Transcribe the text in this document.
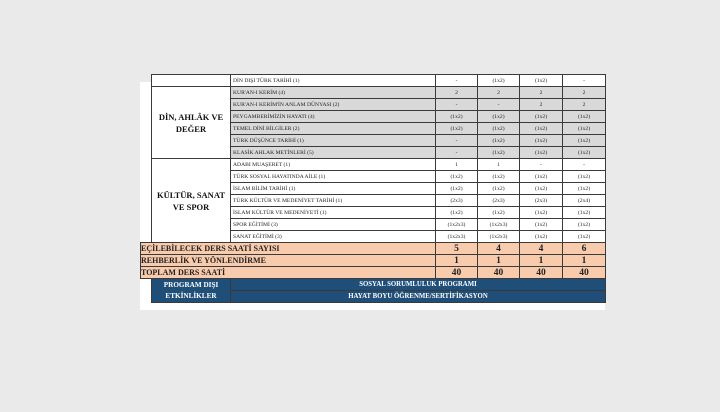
		DİN DIŞI TÜRK TARİHİ (1)	-	(1x2)	(1x2)	-
	DİN, AHLÂK VE DEĞER	KUR'AN-I KERİM (4)	2	2	2	2
		KUR'AN-I KERİM'İN ANLAM DÜNYASI (2)	-	-	2	2
		PEYGAMBERİMİZİN HAYATI (4)	(1x2)	(1x2)	(1x2)	(1x2)
		TEMEL DİNİ BİLGİLER (2)	(1x2)	(1x2)	(1x2)	(1x2)
		TÜRK DÜŞÜNCE TARİHİ (1)	-	(1x2)	(1x2)	(1x2)
		KLASİK AHLAK METİNLERİ (5)	-	(1x2)	(1x2)	(1x2)
	KÜLTÜR, SANAT VE SPOR	ADABI MUAŞERET (1)	1	1	-	-
		TÜRK SOSYAL HAYATINDA AİLE (1)	(1x2)	(1x2)	(1x2)	(1x2)
		İSLAM BİLİM TARİHİ (1)	(1x2)	(1x2)	(1x2)	(1x2)
		TÜRK KÜLTÜR VE MEDENİYET TARİHİ (1)	(2x3)	(2x3)	(2x3)	(2x4)
		İSLAM KÜLTÜR VE MEDENİYETİ (1)	(1x2)	(1x2)	(1x2)	(1x2)
		SPOR EĞİTİMİ (3)	(1x2x3)	(1x2x3)	(1x2)	(1x2)
		SANAT EĞİTİMİ (3)	(1x2x3)	(1x2x3)	(1x2)	(1x2)
EÇİLEBİLECEK DERS SAATİ SAYISI			5	4	4	6
REHBERLİK VE YÖNLENDİRME			1	1	1	1
TOPLAM DERS SAATİ			40	40	40	40
	PROGRAM DIŞI ETKİNLİKLER	SOSYAL SORUMLULUK PROGRAMI				
		HAYAT BOYU ÖĞRENME/SERTİFİKASYON				
